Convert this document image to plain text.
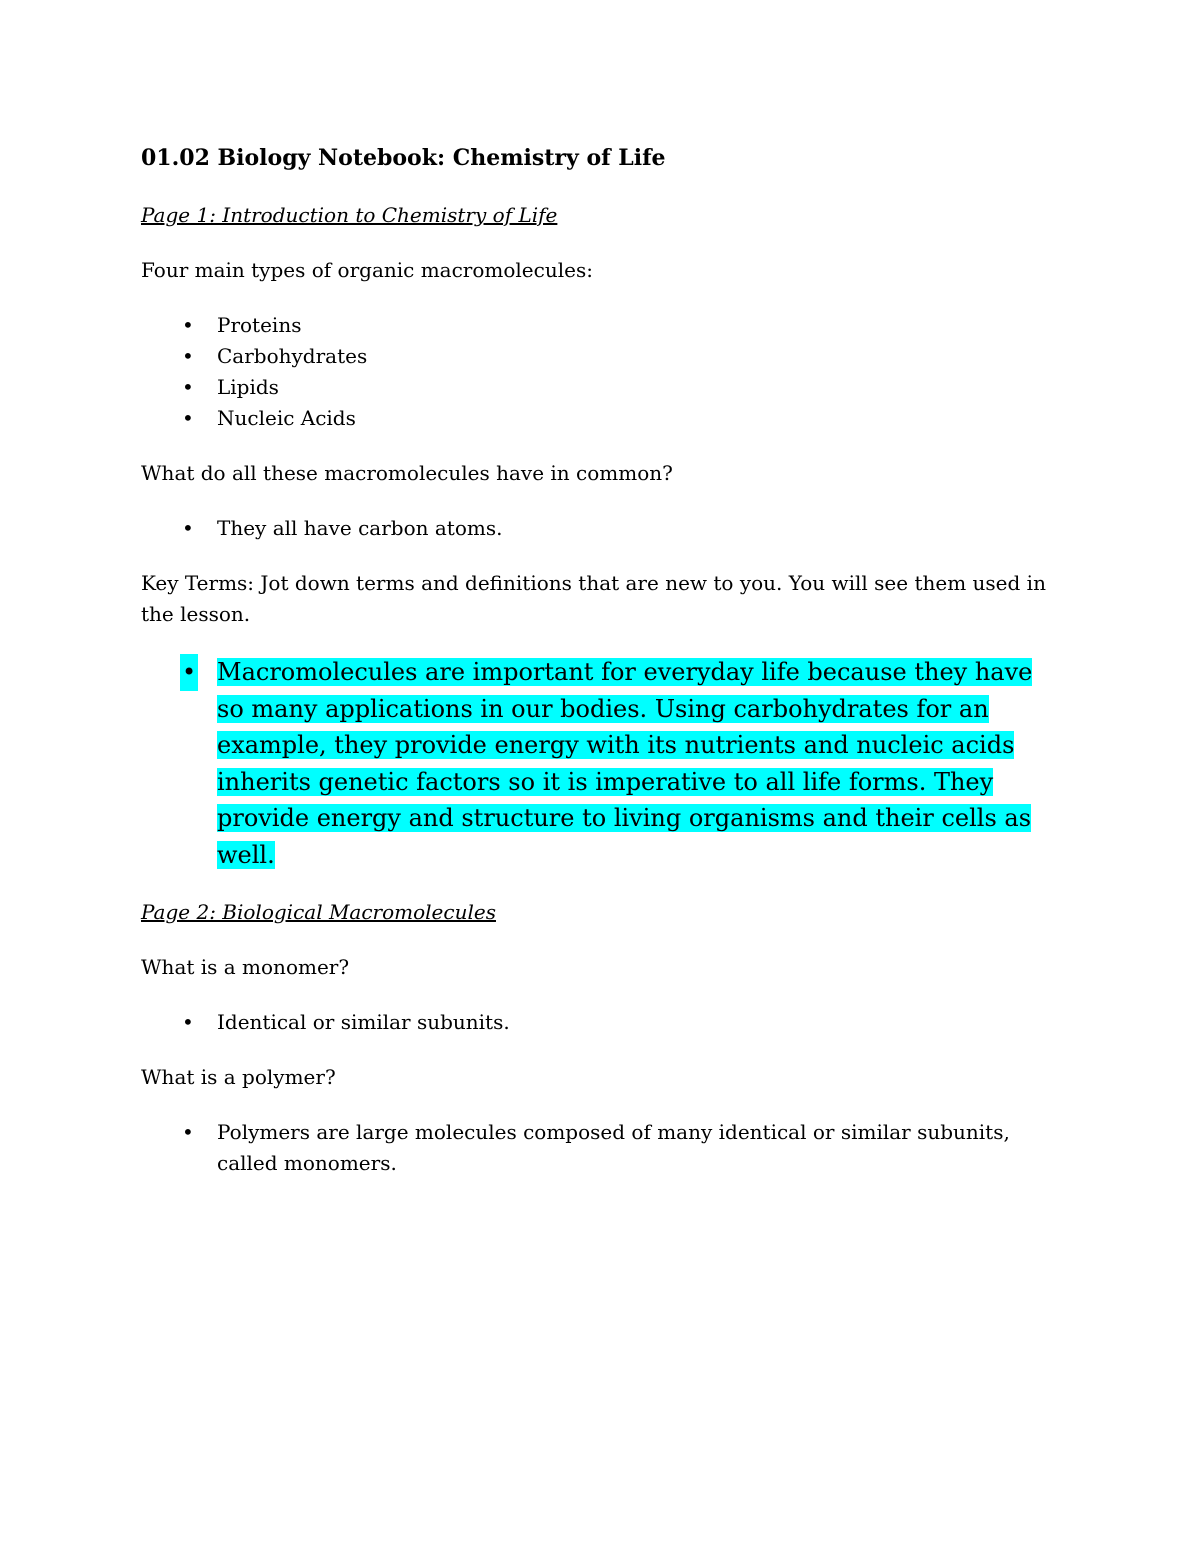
01.02 Biology Notebook: Chemistry of Life
Page 1: Introduction to Chemistry of Life

Four main types of organic macromolecules:

• Proteins
• Carbohydrates
• Lipids
• Nucleic Acids

What do all these macromolecules have in common?

• They all have carbon atoms.

Key Terms: Jot down terms and definitions that are new to you. You will see them used in the lesson.

• Macromolecules are important for everyday life because they have so many applications in our bodies. Using carbohydrates for an example, they provide energy with its nutrients and nucleic acids inherits genetic factors so it is imperative to all life forms. They provide energy and structure to living organisms and their cells as well.
Page 2: Biological Macromolecules

What is a monomer?

• Identical or similar subunits.

What is a polymer?

• Polymers are large molecules composed of many identical or similar subunits, called monomers.
